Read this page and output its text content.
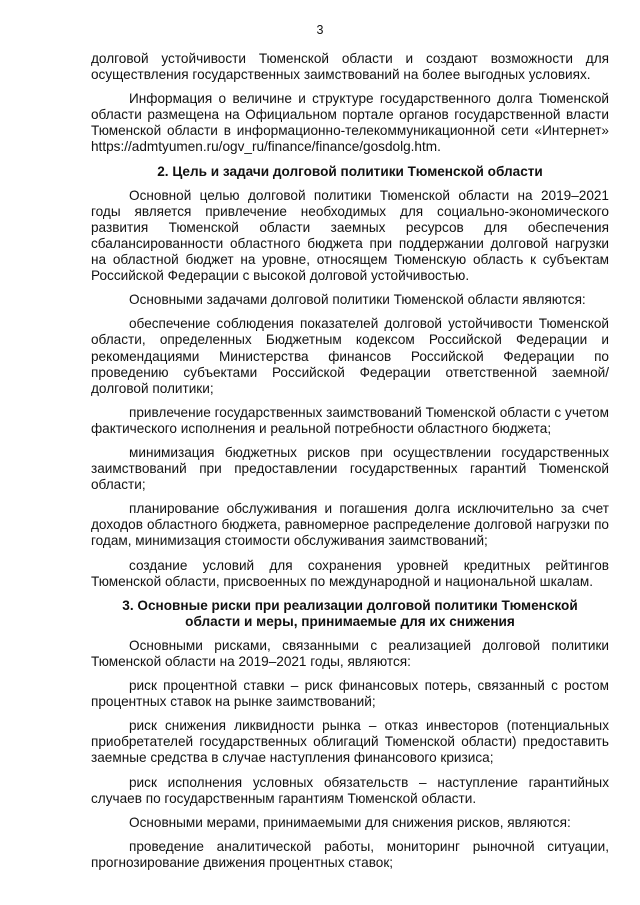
3

долговой устойчивости Тюменской области и создают возможности для осуществления государственных заимствований на более выгодных условиях.

Информация о величине и структуре государственного долга Тюменской области размещена на Официальном портале органов государственной власти Тюменской области в информационно-телекоммуникационной сети «Интернет» https://admtyumen.ru/ogv_ru/finance/finance/gosdolg.htm.

2. Цель и задачи долговой политики Тюменской области

Основной целью долговой политики Тюменской области на 2019–2021 годы является привлечение необходимых для социально-экономического развития Тюменской области заемных ресурсов для обеспечения сбалансированности областного бюджета при поддержании долговой нагрузки на областной бюджет на уровне, относящем Тюменскую область к субъектам Российской Федерации с высокой долговой устойчивостью.

Основными задачами долговой политики Тюменской области являются:

обеспечение соблюдения показателей долговой устойчивости Тюменской области, определенных Бюджетным кодексом Российской Федерации и рекомендациями Министерства финансов Российской Федерации по проведению субъектами Российской Федерации ответственной заемной/долговой политики;

привлечение государственных заимствований Тюменской области с учетом фактического исполнения и реальной потребности областного бюджета;

минимизация бюджетных рисков при осуществлении государственных заимствований при предоставлении государственных гарантий Тюменской области;

планирование обслуживания и погашения долга исключительно за счет доходов областного бюджета, равномерное распределение долговой нагрузки по годам, минимизация стоимости обслуживания заимствований;

создание условий для сохранения уровней кредитных рейтингов Тюменской области, присвоенных по международной и национальной шкалам.

3. Основные риски при реализации долговой политики Тюменской
области и меры, принимаемые для их снижения

Основными рисками, связанными с реализацией долговой политики Тюменской области на 2019–2021 годы, являются:

риск процентной ставки – риск финансовых потерь, связанный с ростом процентных ставок на рынке заимствований;

риск снижения ликвидности рынка – отказ инвесторов (потенциальных приобретателей государственных облигаций Тюменской области) предоставить заемные средства в случае наступления финансового кризиса;

риск исполнения условных обязательств – наступление гарантийных случаев по государственным гарантиям Тюменской области.

Основными мерами, принимаемыми для снижения рисков, являются:

проведение аналитической работы, мониторинг рыночной ситуации, прогнозирование движения процентных ставок;
